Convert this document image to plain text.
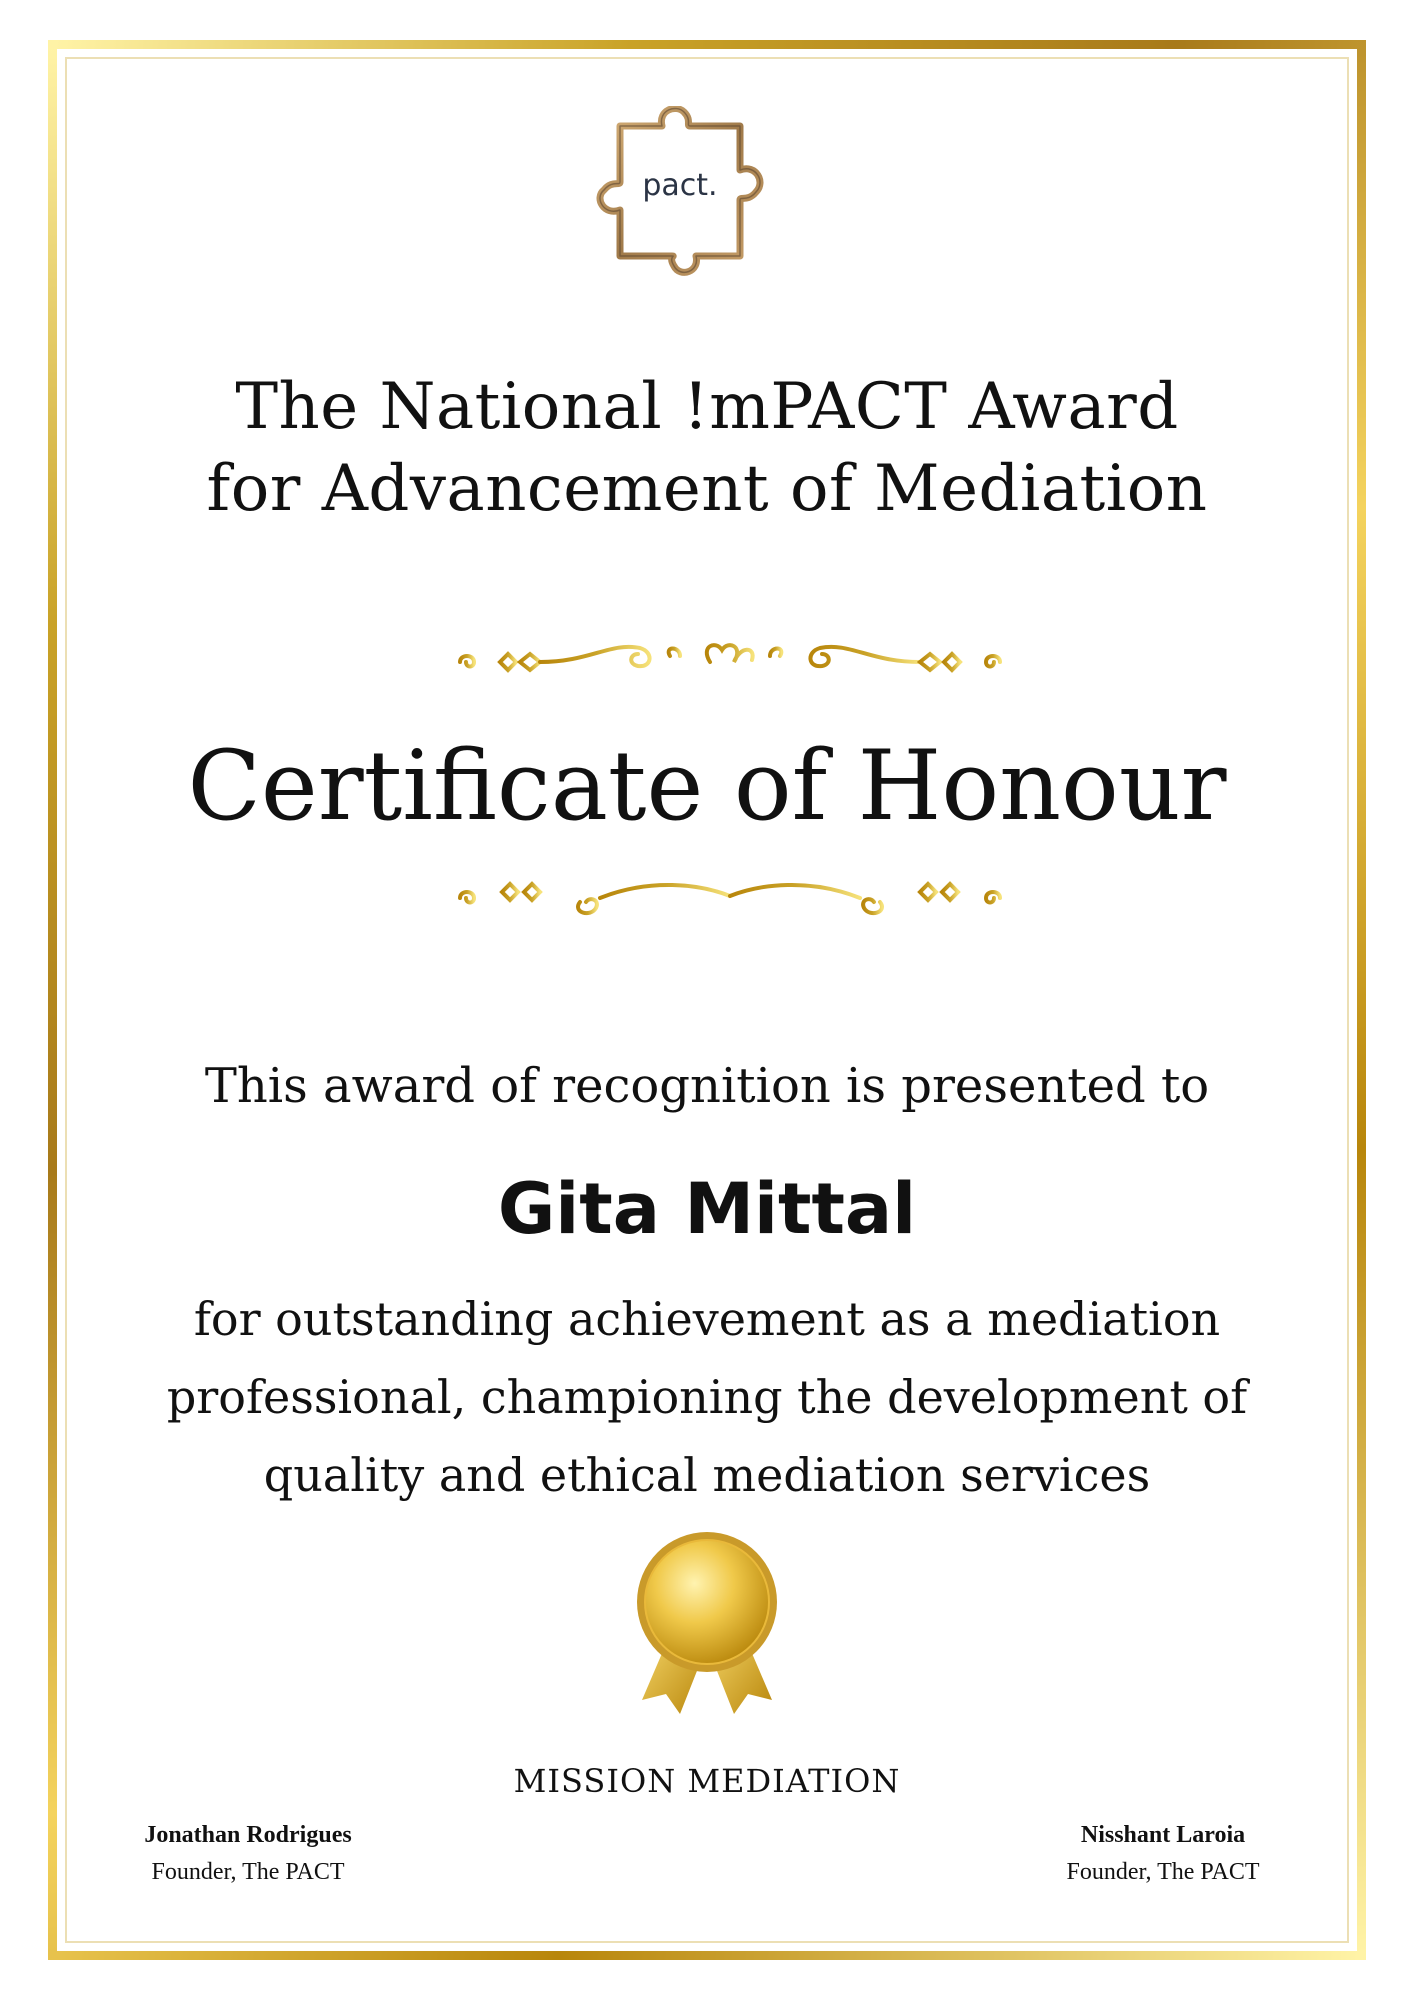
pact.
The National !mPACT Award
for Advancement of Mediation
Certificate of Honour
This award of recognition is presented to
Gita Mittal
for outstanding achievement as a mediation
professional, championing the development of
quality and ethical mediation services
MISSION MEDIATION
Jonathan Rodrigues
Founder, The PACT
Nisshant Laroia
Founder, The PACT
